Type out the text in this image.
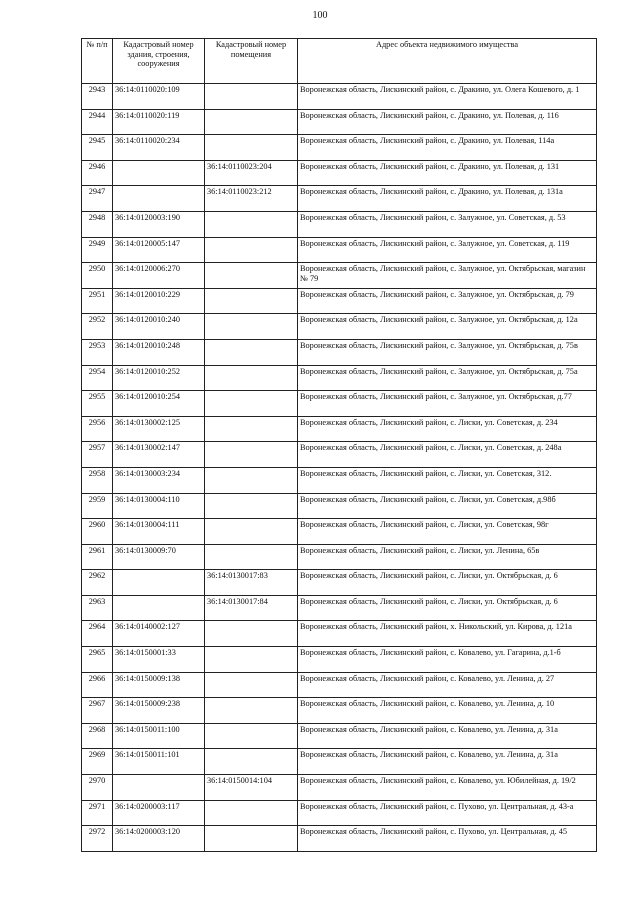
100
№ п/п	Кадастровый номер здания, строения, сооружения	Кадастровый номер помещения	Адрес объекта недвижимого имущества
2943	36:14:0110020:109		Воронежская область, Лискинский район, с. Дракино, ул. Олега Кошевого, д. 1
2944	36:14:0110020:119		Воронежская область, Лискинский район, с. Дракино, ул. Полевая, д. 116
2945	36:14:0110020:234		Воронежская область, Лискинский район, с. Дракино, ул. Полевая, 114а
2946		36:14:0110023:204	Воронежская область, Лискинский район, с. Дракино, ул. Полевая, д. 131
2947		36:14:0110023:212	Воронежская область, Лискинский район, с. Дракино, ул. Полевая, д. 131а
2948	36:14:0120003:190		Воронежская область, Лискинский район, с. Залужное, ул. Советская, д. 53
2949	36:14:0120005:147		Воронежская область, Лискинский район, с. Залужное, ул. Советская, д. 119
2950	36:14:0120006:270		Воронежская область, Лискинский район, с. Залужное, ул. Октябрьская, магазин № 79
2951	36:14:0120010:229		Воронежская область, Лискинский район, с. Залужное, ул. Октябрьская, д. 79
2952	36:14:0120010:240		Воронежская область, Лискинский район, с. Залужное, ул. Октябрьская, д. 12а
2953	36:14:0120010:248		Воронежская область, Лискинский район, с. Залужное, ул. Октябрьская, д. 75в
2954	36:14:0120010:252		Воронежская область, Лискинский район, с. Залужное, ул. Октябрьская, д. 75а
2955	36:14:0120010:254		Воронежская область, Лискинский район, с. Залужное, ул. Октябрьская, д.77
2956	36:14:0130002:125		Воронежская область, Лискинский район, с. Лиски, ул. Советская, д. 234
2957	36:14:0130002:147		Воронежская область, Лискинский район, с. Лиски, ул. Советская, д. 248а
2958	36:14:0130003:234		Воронежская область, Лискинский район, с. Лиски, ул. Советская, 312.
2959	36:14:0130004:110		Воронежская область, Лискинский район, с. Лиски, ул. Советская, д.98б
2960	36:14:0130004:111		Воронежская область, Лискинский район, с. Лиски, ул. Советская, 98г
2961	36:14:0130009:70		Воронежская область, Лискинский район, с. Лиски, ул. Ленина, 65в
2962		36:14:0130017:83	Воронежская область, Лискинский район, с. Лиски, ул. Октябрьская, д. 6
2963		36:14:0130017:84	Воронежская область, Лискинский район, с. Лиски, ул. Октябрьская, д. 6
2964	36:14:0140002:127		Воронежская область, Лискинский район, х. Никольский, ул. Кирова, д. 121а
2965	36:14:0150001:33		Воронежская область, Лискинский район, с. Ковалево, ул. Гагарина, д.1-б
2966	36:14:0150009:138		Воронежская область, Лискинский район, с. Ковалево, ул. Ленина, д. 27
2967	36:14:0150009:238		Воронежская область, Лискинский район, с. Ковалево, ул. Ленина, д. 10
2968	36:14:0150011:100		Воронежская область, Лискинский район, с. Ковалево, ул. Ленина, д. 31а
2969	36:14:0150011:101		Воронежская область, Лискинский район, с. Ковалево, ул. Ленина, д. 31а
2970		36:14:0150014:104	Воронежская область, Лискинский район, с. Ковалево, ул. Юбилейная, д. 19/2
2971	36:14:0200003:117		Воронежская область, Лискинский район, с. Пухово, ул. Центральная, д. 43-а
2972	36:14:0200003:120		Воронежская область, Лискинский район, с. Пухово, ул. Центральная, д. 45
